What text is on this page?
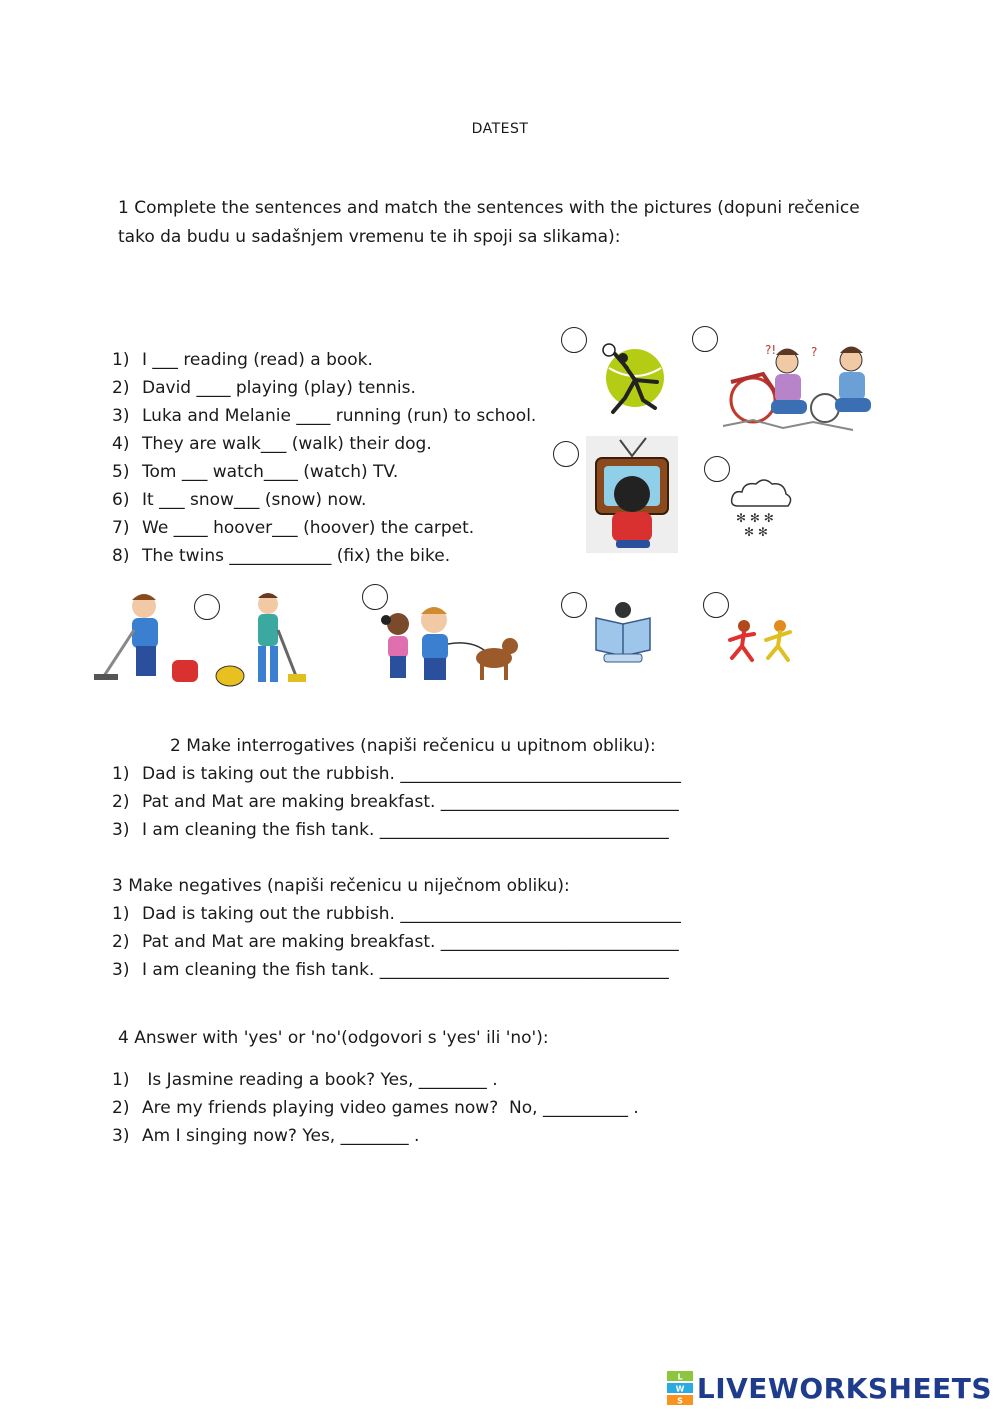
DATEST
1 Complete the sentences and match the sentences with the pictures (dopuni rečenice tako da budu u sadašnjem vremenu te ih spoji sa slikama):
1) I ___ reading (read) a book.
2) David ____ playing (play) tennis.
3) Luka and Melanie ____ running (run) to school.
4) They are walk___ (walk) their dog.
5) Tom ___ watch____ (watch) TV.
6) It ___ snow___ (snow) now.
7) We ____ hoover___ (hoover) the carpet.
8) The twins ____________ (fix) the bike.
?!	?
✻ ✻ ✻
✻ ✻
2 Make interrogatives (napiši rečenicu u upitnom obliku):
1) Dad is taking out the rubbish. _________________________________
2) Pat and Mat are making breakfast. ____________________________
3) I am cleaning the fish tank. __________________________________
3 Make negatives (napiši rečenicu u niječnom obliku):
1) Dad is taking out the rubbish. _________________________________
2) Pat and Mat are making breakfast. ____________________________
3) I am cleaning the fish tank. __________________________________
4 Answer with 'yes' or 'no'(odgovori s 'yes' ili 'no'):
1) Is Jasmine reading a book? Yes, ________ .
2) Are my friends playing video games now?  No, __________ .
3) Am I singing now? Yes, ________ .
L
W
S LIVEWORKSHEETS
